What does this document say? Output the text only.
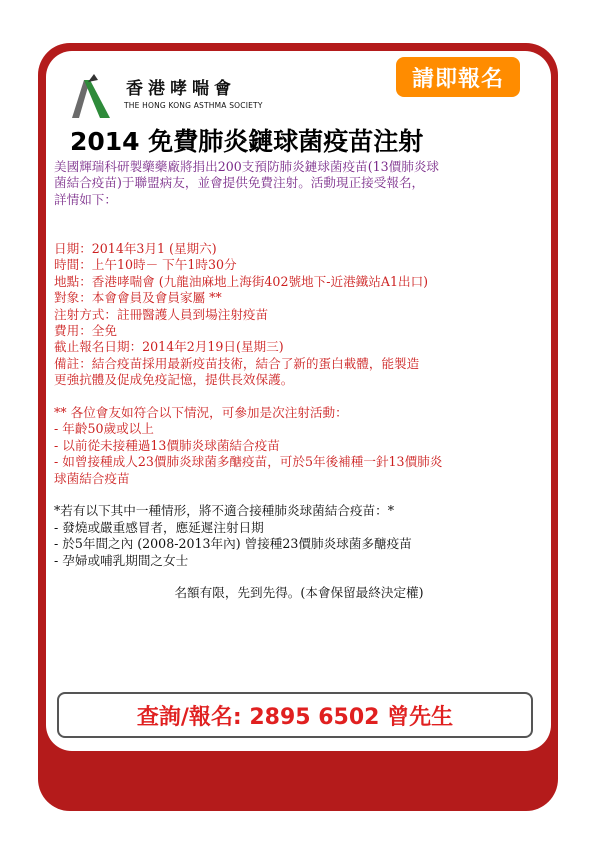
香港哮喘會
THE HONG KONG ASTHMA SOCIETY
請即報名
2014 免費肺炎鏈球菌疫苗注射

美國輝瑞科研製藥藥廠將捐出200支預防肺炎鏈球菌疫苗(13價肺炎球

菌結合疫苗)于聯盟病友，並會提供免費注射。活動現正接受報名，

詳情如下：

日期：2014年3月1 (星期六)

時間：上午10時－ 下午1時30分

地點：香港哮喘會 (九龍油麻地上海街402號地下-近港鐵站A1出口)

對象：本會會員及會員家屬 **

注射方式：註冊醫護人員到場注射疫苗

費用：全免

截止報名日期：2014年2月19日(星期三)

備註：結合疫苗採用最新疫苗技術，結合了新的蛋白載體，能製造

更強抗體及促成免疫記憶，提供長效保護。

** 各位會友如符合以下情況，可參加是次注射活動：

- 年齡50歲或以上

- 以前從未接種過13價肺炎球菌結合疫苗

- 如曾接種成人23價肺炎球菌多醣疫苗，可於5年後補種一針13價肺炎

球菌結合疫苗

*若有以下其中一種情形，將不適合接種肺炎球菌結合疫苗：*

- 發燒或嚴重感冒者，應延遲注射日期

- 於5年間之內 (2008-2013年內) 曾接種23價肺炎球菌多醣疫苗

- 孕婦或哺乳期間之女士

名額有限，先到先得。(本會保留最終決定權)

查詢/報名: 2895 6502 曾先生
